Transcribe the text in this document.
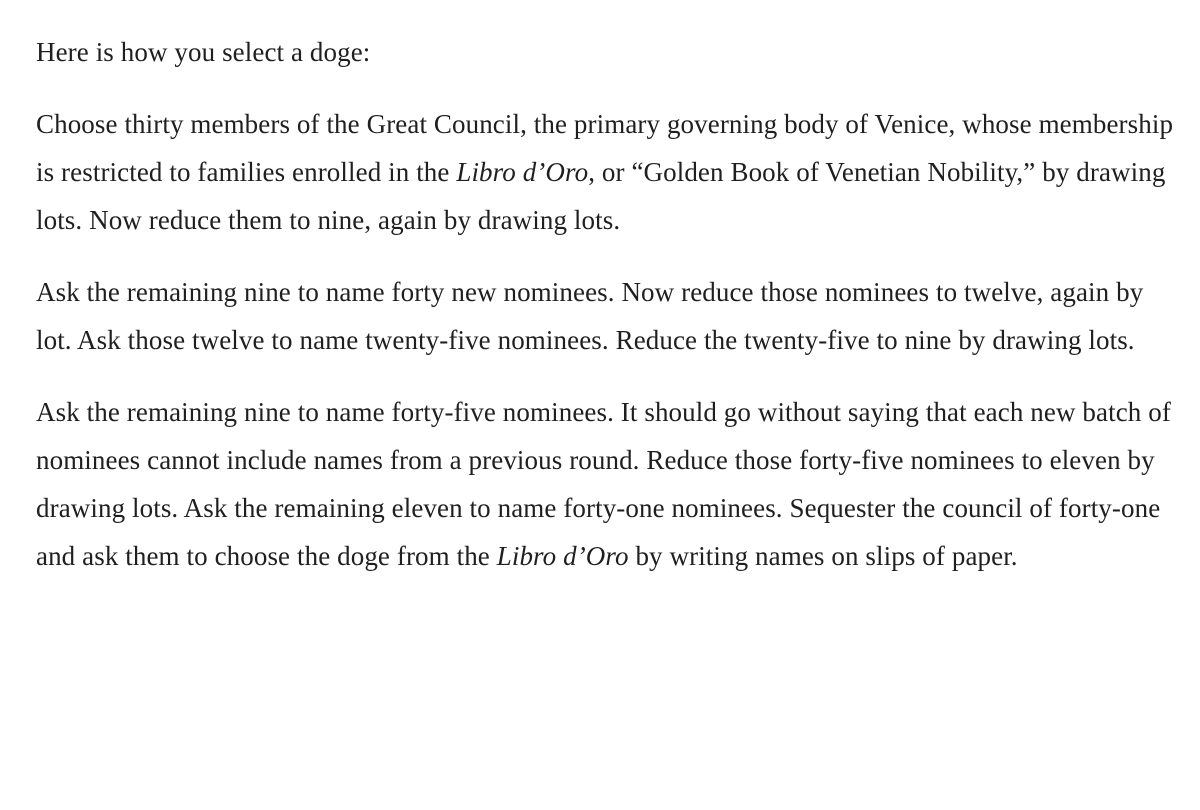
Here is how you select a doge:

Choose thirty members of the Great Council, the primary governing body of Venice, whose membership is restricted to families enrolled in the Libro d’Oro, or “Golden Book of Venetian Nobility,” by drawing lots. Now reduce them to nine, again by drawing lots.

Ask the remaining nine to name forty new nominees. Now reduce those nominees to twelve, again by lot. Ask those twelve to name twenty-five nominees. Reduce the twenty-five to nine by drawing lots.

Ask the remaining nine to name forty-five nominees. It should go without saying that each new batch of nominees cannot include names from a previous round. Reduce those forty-five nominees to eleven by drawing lots. Ask the remaining eleven to name forty-one nominees. Sequester the council of forty-one and ask them to choose the doge from the Libro d’Oro by writing names on slips of paper.
